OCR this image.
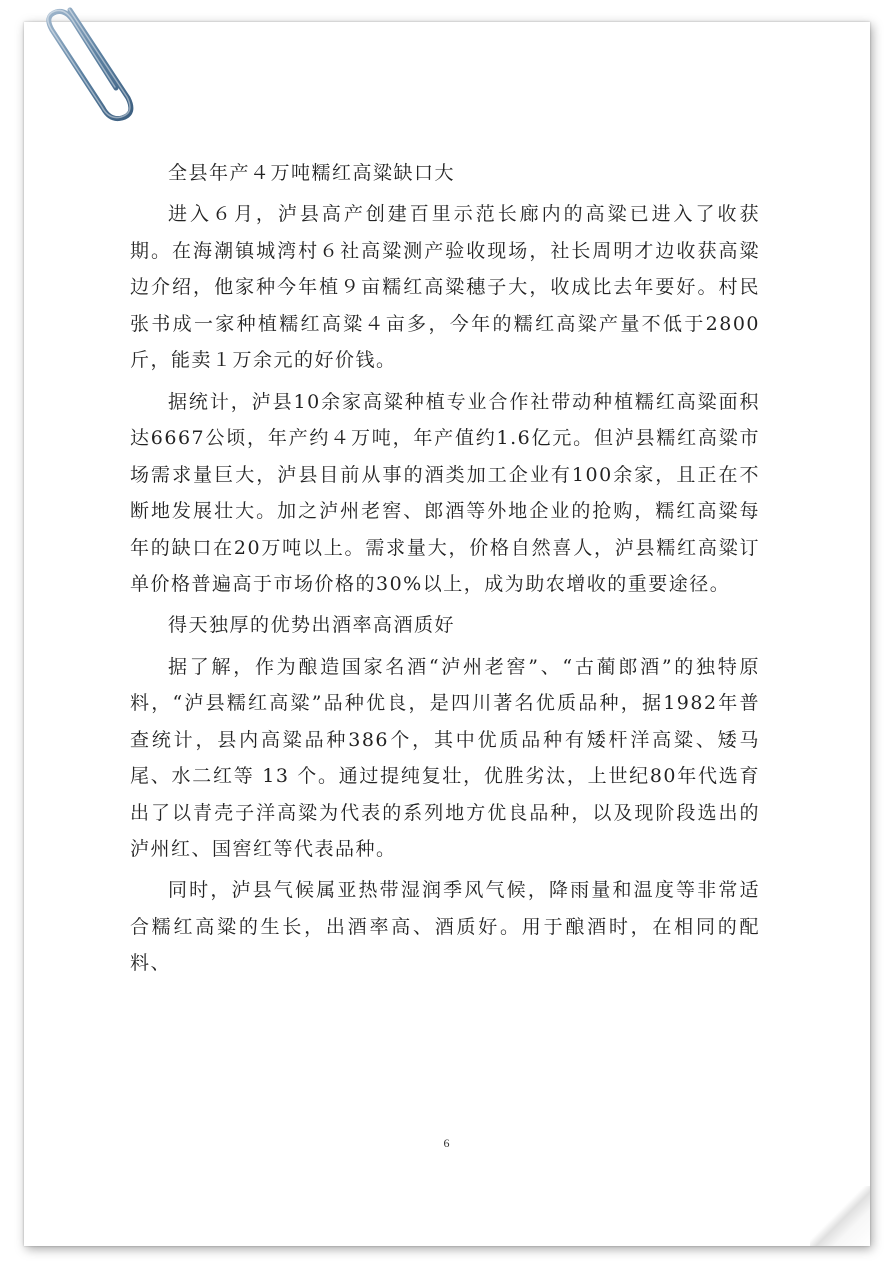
全县年产４万吨糯红高粱缺口大

进入６月，泸县高产创建百里示范长廊内的高粱已进入了收获期。在海潮镇城湾村６社高粱测产验收现场，社长周明才边收获高粱边介绍，他家种今年植９亩糯红高粱穗子大，收成比去年要好。村民张书成一家种植糯红高粱４亩多，今年的糯红高粱产量不低于2800斤，能卖１万余元的好价钱。

据统计，泸县10余家高粱种植专业合作社带动种植糯红高粱面积达6667公顷，年产约４万吨，年产值约1.6亿元。但泸县糯红高粱市场需求量巨大，泸县目前从事的酒类加工企业有100余家，且正在不断地发展壮大。加之泸州老窖、郎酒等外地企业的抢购，糯红高粱每年的缺口在20万吨以上。需求量大，价格自然喜人，泸县糯红高粱订单价格普遍高于市场价格的30%以上，成为助农增收的重要途径。

得天独厚的优势出酒率高酒质好

据了解，作为酿造国家名酒“泸州老窖”、“古蔺郎酒”的独特原料，“泸县糯红高粱”品种优良，是四川著名优质品种，据1982年普查统计，县内高粱品种386个，其中优质品种有矮杆洋高粱、矮马尾、水二红等 13 个。通过提纯复壮，优胜劣汰，上世纪80年代选育出了以青壳子洋高粱为代表的系列地方优良品种，以及现阶段选出的泸州红、国窖红等代表品种。

同时，泸县气候属亚热带湿润季风气候，降雨量和温度等非常适合糯红高粱的生长，出酒率高、酒质好。用于酿酒时，在相同的配料、

6
